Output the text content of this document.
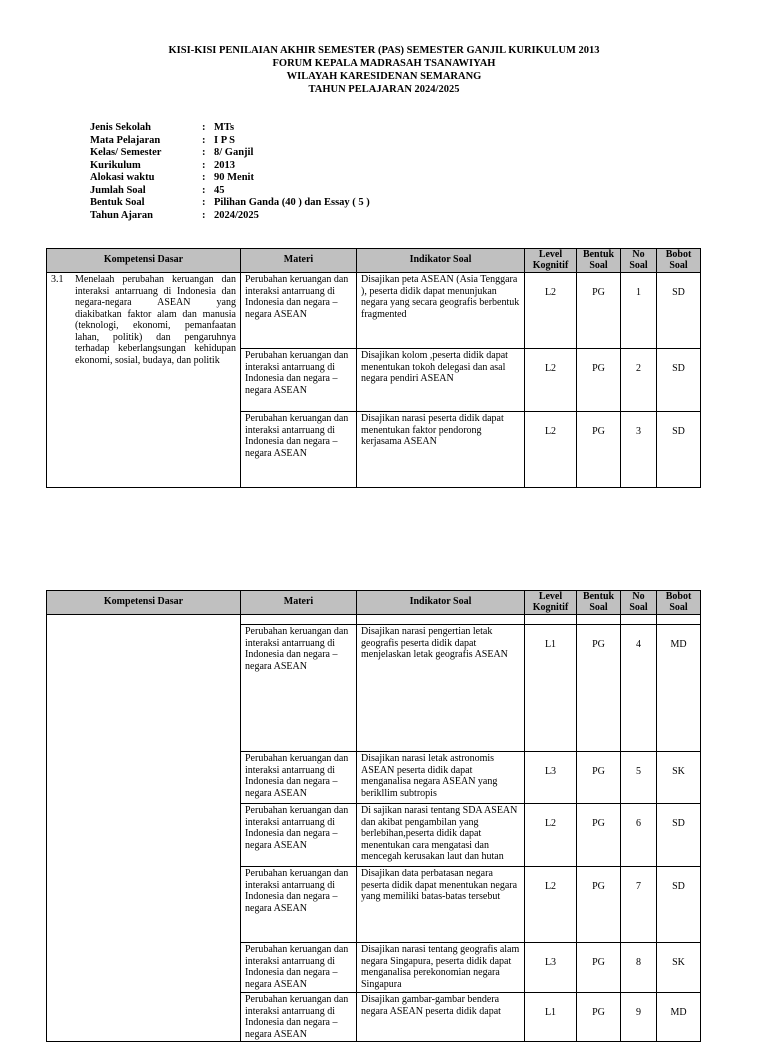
KISI-KISI PENILAIAN AKHIR SEMESTER (PAS) SEMESTER GANJIL KURIKULUM 2013
FORUM KEPALA MADRASAH TSANAWIYAH
WILAYAH KARESIDENAN SEMARANG
TAHUN PELAJARAN 2024/2025
Jenis Sekolah	: MTs
Mata Pelajaran	: I P S
Kelas/ Semester	: 8/ Ganjil
Kurikulum	: 2013
Alokasi waktu	: 90 Menit
Jumlah Soal	: 45
Bentuk Soal	: Pilihan Ganda (40 ) dan Essay ( 5 )
Tahun Ajaran	: 2024/2025
Kompetensi Dasar	Materi	Indikator Soal	Level Kognitif	Bentuk Soal	No Soal	Bobot Soal

3.1 Menelaah perubahan keruangan dan interaksi antarruang di Indonesia dan negara-negara ASEAN yang diakibatkan faktor alam dan manusia (teknologi, ekonomi, pemanfaatan lahan, politik) dan pengaruhnya terhadap keberlangsungan kehidupan ekonomi, sosial, budaya, dan politik	Perubahan keruangan dan interaksi antarruang di Indonesia dan negara – negara ASEAN	Disajikan peta ASEAN (Asia Tenggara ), peserta didik dapat menunjukan negara yang secara geografis berbentuk fragmented	L2	PG	1	SD
	Perubahan keruangan dan interaksi antarruang di Indonesia dan negara – negara ASEAN	Disajikan kolom ,peserta didik dapat menentukan tokoh delegasi dan asal negara pendiri ASEAN	L2	PG	2	SD
	Perubahan keruangan dan interaksi antarruang di Indonesia dan negara – negara ASEAN	Disajikan narasi peserta didik dapat menentukan faktor pendorong kerjasama ASEAN	L2	PG	3	SD
Kompetensi Dasar	Materi	Indikator Soal	Level Kognitif	Bentuk Soal	No Soal	Bobot Soal

	Perubahan keruangan dan interaksi antarruang di Indonesia dan negara – negara ASEAN	Disajikan narasi pengertian letak geografis peserta didik dapat menjelaskan letak geografis ASEAN	L1	PG	4	MD
	Perubahan keruangan dan interaksi antarruang di Indonesia dan negara – negara ASEAN	Disajikan narasi letak astronomis ASEAN peserta didik dapat menganalisa negara ASEAN yang berikllim subtropis	L3	PG	5	SK
	Perubahan keruangan dan interaksi antarruang di Indonesia dan negara – negara ASEAN	Di sajikan narasi tentang SDA ASEAN dan akibat pengambilan yang berlebihan,peserta didik dapat menentukan cara mengatasi dan mencegah kerusakan laut dan hutan	L2	PG	6	SD
	Perubahan keruangan dan interaksi antarruang di Indonesia dan negara – negara ASEAN	Disajikan data perbatasan negara peserta didik dapat menentukan negara yang memiliki batas-batas tersebut	L2	PG	7	SD
	Perubahan keruangan dan interaksi antarruang di Indonesia dan negara – negara ASEAN	Disajikan narasi tentang geografis alam negara Singapura, peserta didik dapat menganalisa perekonomian negara Singapura	L3	PG	8	SK
	Perubahan keruangan dan interaksi antarruang di Indonesia dan negara – negara ASEAN	Disajikan gambar-gambar bendera negara ASEAN peserta didik dapat	L1	PG	9	MD
